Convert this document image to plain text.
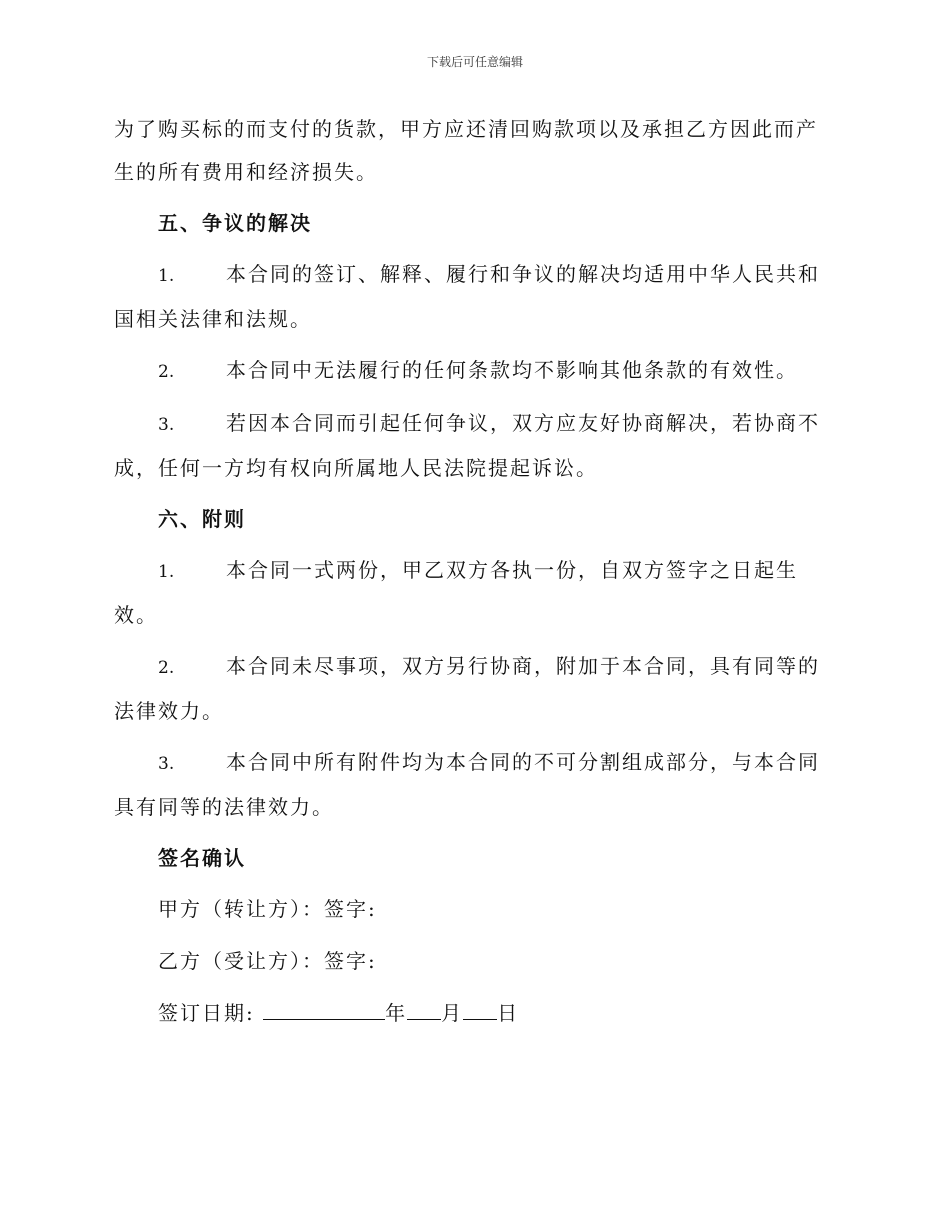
下载后可任意编辑

为了购买标的而支付的货款，甲方应还清回购款项以及承担乙方因此而产生的所有费用和经济损失。

五、争议的解决

1.	本合同的签订、解释、履行和争议的解决均适用中华人民共和国相关法律和法规。

2.	本合同中无法履行的任何条款均不影响其他条款的有效性。

3.	若因本合同而引起任何争议，双方应友好协商解决，若协商不成，任何一方均有权向所属地人民法院提起诉讼。

六、附则

1.	本合同一式两份，甲乙双方各执一份，自双方签字之日起生效。

2.	本合同未尽事项，双方另行协商，附加于本合同，具有同等的法律效力。

3.	本合同中所有附件均为本合同的不可分割组成部分，与本合同具有同等的法律效力。

签名确认
甲方（转让方）：签字:
乙方（受让方）：签字:
签订日期:	年 月 日
